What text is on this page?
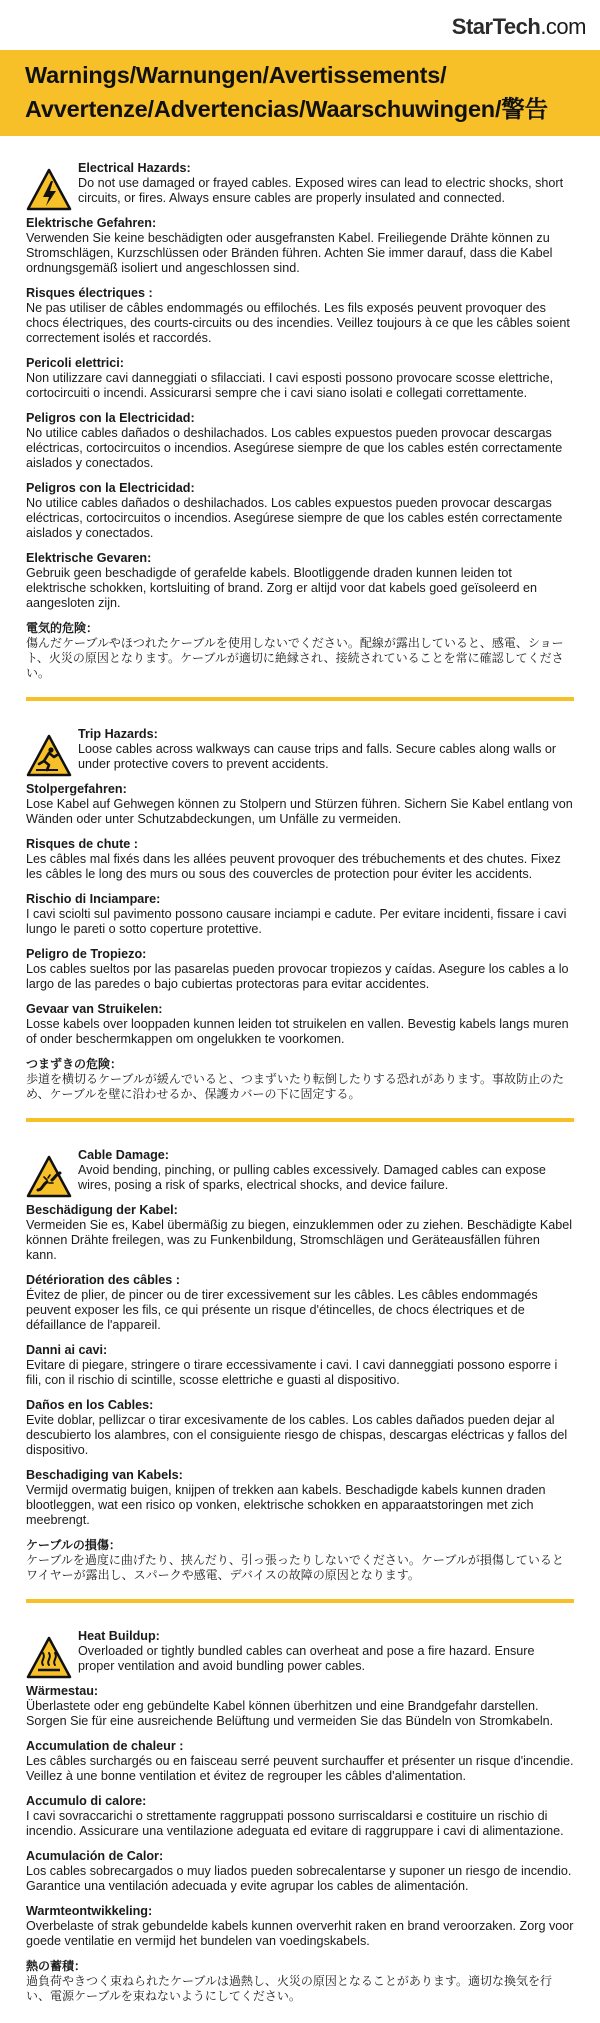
StarTech.com
Warnings/Warnungen/Avertissements/ Avvertenze/Advertencias/Waarschuwingen/警告

Electrical Hazards:

Do not use damaged or frayed cables. Exposed wires can lead to electric shocks, short circuits, or fires. Always ensure cables are properly insulated and connected.

Elektrische Gefahren:

Verwenden Sie keine beschädigten oder ausgefransten Kabel. Freiliegende Drähte können zu Stromschlägen, Kurzschlüssen oder Bränden führen. Achten Sie immer darauf, dass die Kabel ordnungsgemäß isoliert und angeschlossen sind.

Risques électriques :

Ne pas utiliser de câbles endommagés ou effilochés. Les fils exposés peuvent provoquer des chocs électriques, des courts-circuits ou des incendies. Veillez toujours à ce que les câbles soient correctement isolés et raccordés.

Pericoli elettrici:

Non utilizzare cavi danneggiati o sfilacciati. I cavi esposti possono provocare scosse elettriche, cortocircuiti o incendi. Assicurarsi sempre che i cavi siano isolati e collegati correttamente.

Peligros con la Electricidad:

No utilice cables dañados o deshilachados. Los cables expuestos pueden provocar descargas eléctricas, cortocircuitos o incendios. Asegúrese siempre de que los cables estén correctamente aislados y conectados.

Peligros con la Electricidad:

No utilice cables dañados o deshilachados. Los cables expuestos pueden provocar descargas eléctricas, cortocircuitos o incendios. Asegúrese siempre de que los cables estén correctamente aislados y conectados.

Elektrische Gevaren:

Gebruik geen beschadigde of gerafelde kabels. Blootliggende draden kunnen leiden tot elektrische schokken, kortsluiting of brand. Zorg er altijd voor dat kabels goed geïsoleerd en aangesloten zijn.

電気的危険：

傷んだケーブルやほつれたケーブルを使用しないでください。配線が露出していると、感電、ショート、火災の原因となります。ケーブルが適切に絶縁され、接続されていることを常に確認してください。

Trip Hazards:

Loose cables across walkways can cause trips and falls. Secure cables along walls or under protective covers to prevent accidents.

Stolpergefahren:

Lose Kabel auf Gehwegen können zu Stolpern und Stürzen führen. Sichern Sie Kabel entlang von Wänden oder unter Schutzabdeckungen, um Unfälle zu vermeiden.

Risques de chute :

Les câbles mal fixés dans les allées peuvent provoquer des trébuchements et des chutes. Fixez les câbles le long des murs ou sous des couvercles de protection pour éviter les accidents.

Rischio di Inciampare:

I cavi sciolti sul pavimento possono causare inciampi e cadute. Per evitare incidenti, fissare i cavi lungo le pareti o sotto coperture protettive.

Peligro de Tropiezo:

Los cables sueltos por las pasarelas pueden provocar tropiezos y caídas. Asegure los cables a lo largo de las paredes o bajo cubiertas protectoras para evitar accidentes.

Gevaar van Struikelen:

Losse kabels over looppaden kunnen leiden tot struikelen en vallen. Bevestig kabels langs muren of onder beschermkappen om ongelukken te voorkomen.

つまずきの危険：

歩道を横切るケーブルが緩んでいると、つまずいたり転倒したりする恐れがあります。事故防止のため、ケーブルを壁に沿わせるか、保護カバーの下に固定する。

Cable Damage:

Avoid bending, pinching, or pulling cables excessively. Damaged cables can expose wires, posing a risk of sparks, electrical shocks, and device failure.

Beschädigung der Kabel:

Vermeiden Sie es, Kabel übermäßig zu biegen, einzuklemmen oder zu ziehen. Beschädigte Kabel können Drähte freilegen, was zu Funkenbildung, Stromschlägen und Geräteausfällen führen kann.

Détérioration des câbles :

Évitez de plier, de pincer ou de tirer excessivement sur les câbles. Les câbles endommagés peuvent exposer les fils, ce qui présente un risque d'étincelles, de chocs électriques et de défaillance de l'appareil.

Danni ai cavi:

Evitare di piegare, stringere o tirare eccessivamente i cavi. I cavi danneggiati possono esporre i fili, con il rischio di scintille, scosse elettriche e guasti al dispositivo.

Daños en los Cables:

Evite doblar, pellizcar o tirar excesivamente de los cables. Los cables dañados pueden dejar al descubierto los alambres, con el consiguiente riesgo de chispas, descargas eléctricas y fallos del dispositivo.

Beschadiging van Kabels:

Vermijd overmatig buigen, knijpen of trekken aan kabels. Beschadigde kabels kunnen draden blootleggen, wat een risico op vonken, elektrische schokken en apparaatstoringen met zich meebrengt.

ケーブルの損傷：

ケーブルを過度に曲げたり、挟んだり、引っ張ったりしないでください。ケーブルが損傷しているとワイヤーが露出し、スパークや感電、デバイスの故障の原因となります。

Heat Buildup:

Overloaded or tightly bundled cables can overheat and pose a fire hazard. Ensure proper ventilation and avoid bundling power cables.

Wärmestau:

Überlastete oder eng gebündelte Kabel können überhitzen und eine Brandgefahr darstellen. Sorgen Sie für eine ausreichende Belüftung und vermeiden Sie das Bündeln von Stromkabeln.

Accumulation de chaleur :

Les câbles surchargés ou en faisceau serré peuvent surchauffer et présenter un risque d'incendie. Veillez à une bonne ventilation et évitez de regrouper les câbles d'alimentation.

Accumulo di calore:

I cavi sovraccarichi o strettamente raggruppati possono surriscaldarsi e costituire un rischio di incendio. Assicurare una ventilazione adeguata ed evitare di raggruppare i cavi di alimentazione.

Acumulación de Calor:

Los cables sobrecargados o muy liados pueden sobrecalentarse y suponer un riesgo de incendio. Garantice una ventilación adecuada y evite agrupar los cables de alimentación.

Warmteontwikkeling:

Overbelaste of strak gebundelde kabels kunnen oververhit raken en brand veroorzaken. Zorg voor goede ventilatie en vermijd het bundelen van voedingskabels.

熱の蓄積：

過負荷やきつく束ねられたケーブルは過熱し、火災の原因となることがあります。適切な換気を行い、電源ケーブルを束ねないようにしてください。
